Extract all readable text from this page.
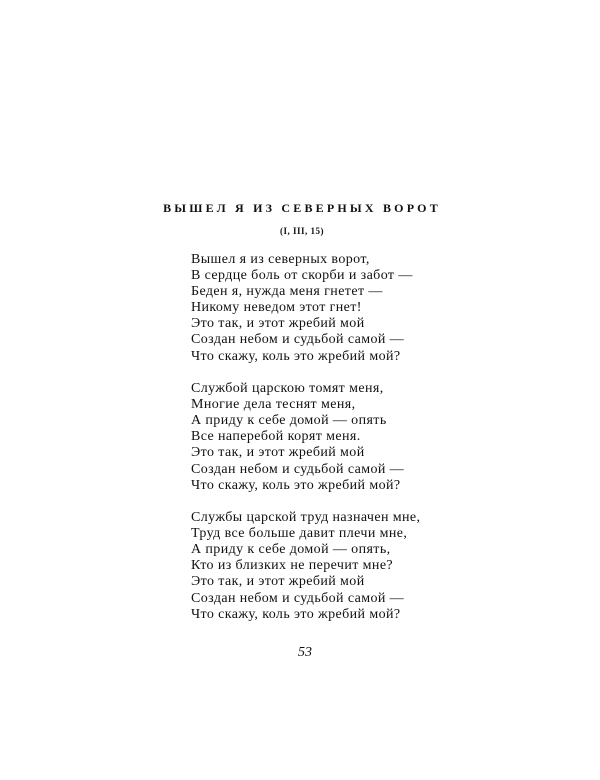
ВЫШЕЛ Я ИЗ СЕВЕРНЫХ ВОРОТ
(I, III, 15)
Вышел я из северных ворот,
В сердце боль от скорби и забот —
Беден я, нужда меня гнетет —
Никому неведом этот гнет!
Это так, и этот жребий мой
Создан небом и судьбой самой —
Что скажу, коль это жребий мой?
Службой царскою томят меня,
Многие дела теснят меня,
А приду к себе домой — опять
Все наперебой корят меня.
Это так, и этот жребий мой
Создан небом и судьбой самой —
Что скажу, коль это жребий мой?
Службы царской труд назначен мне,
Труд все больше давит плечи мне,
А приду к себе домой — опять,
Кто из близких не перечит мне?
Это так, и этот жребий мой
Создан небом и судьбой самой —
Что скажу, коль это жребий мой?
53
